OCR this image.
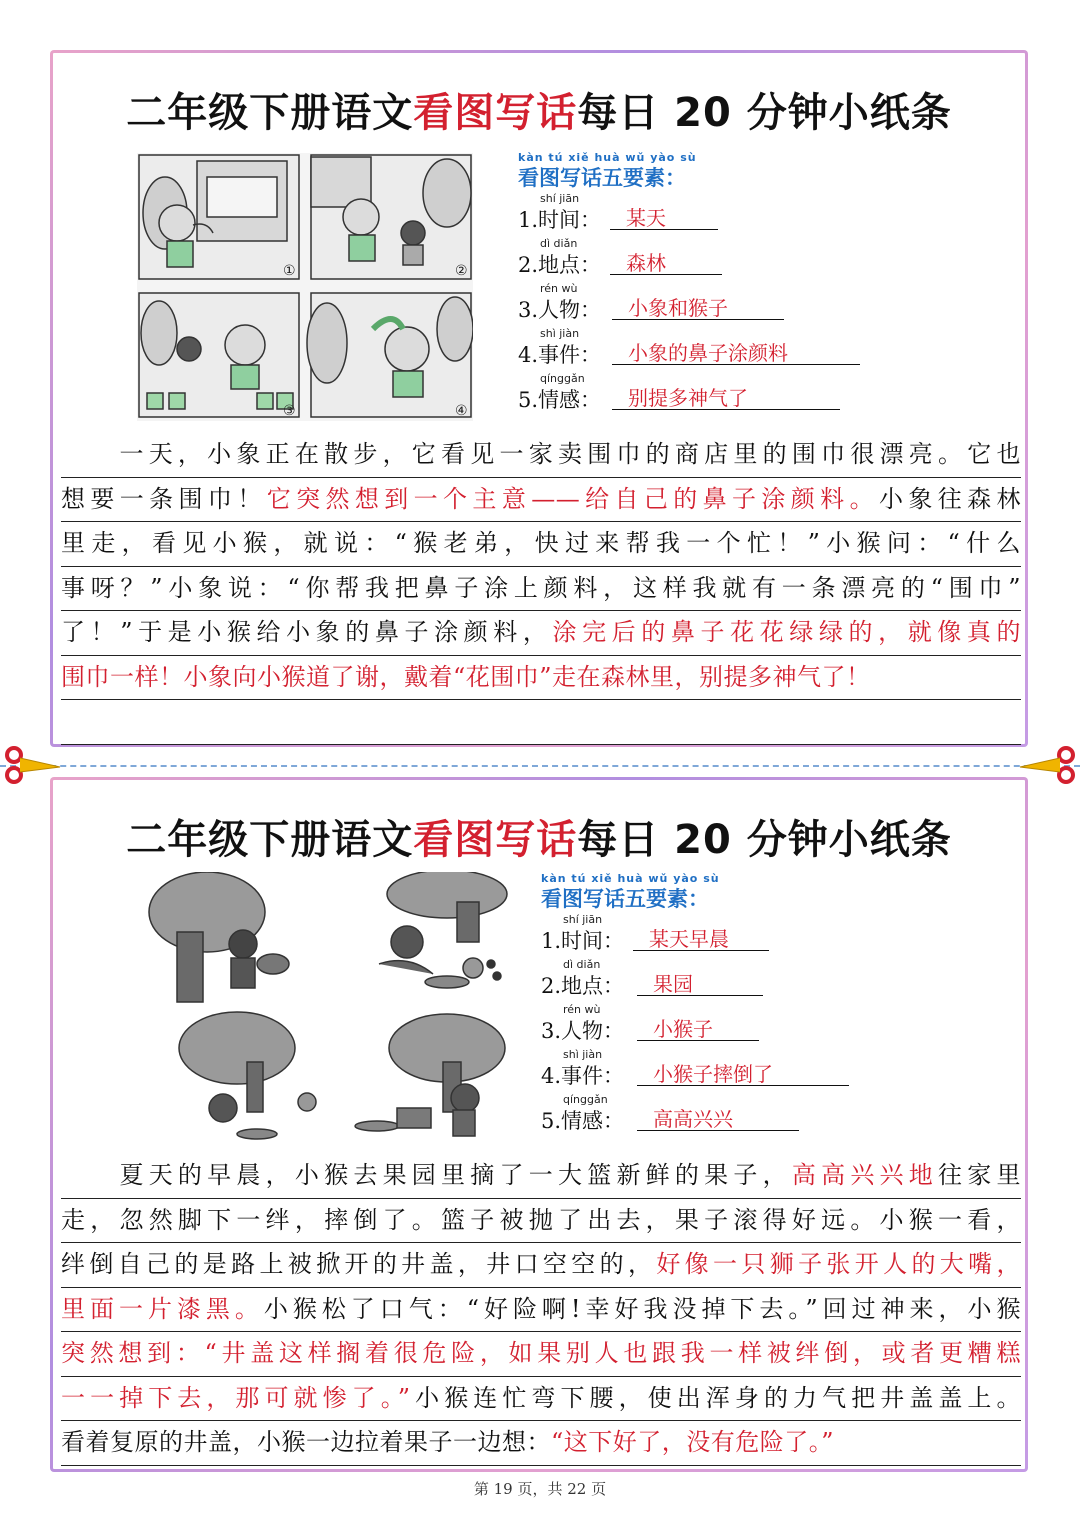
二年级下册语文看图写话每日 20 分钟小纸条
①	②
③	④
kàn tú xiě huà wǔ yào sù
看图写话五要素：
shí jiān
1.时间：	某天
dì diǎn
2.地点：	森林
rén wù
3.人物：	小象和猴子
shì jiàn
4.事件：	小象的鼻子涂颜料
qínggǎn
5.情感：	别提多神气了
　　一天，小象正在散步，它看见一家卖围巾的商店里的围巾很漂亮。它也
想要一条围巾！它突然想到一个主意——给自己的鼻子涂颜料。小象往森林
里走，看见小猴，就说：“猴老弟，快过来帮我一个忙！”小猴问：“什么
事呀？”小象说：“你帮我把鼻子涂上颜料，这样我就有一条漂亮的“围巾”
了！”于是小猴给小象的鼻子涂颜料，涂完后的鼻子花花绿绿的，就像真的
围巾一样！小象向小猴道了谢，戴着“花围巾”走在森林里，别提多神气了！
二年级下册语文看图写话每日 20 分钟小纸条
kàn tú xiě huà wǔ yào sù
看图写话五要素：
shí jiān
1.时间：	某天早晨
dì diǎn
2.地点：	果园
rén wù
3.人物：	小猴子
shì jiàn
4.事件：	小猴子摔倒了
qínggǎn
5.情感：	高高兴兴
　　夏天的早晨，小猴去果园里摘了一大篮新鲜的果子，高高兴兴地往家里
走，忽然脚下一绊，摔倒了。篮子被抛了出去，果子滚得好远。小猴一看，
绊倒自己的是路上被掀开的井盖，井口空空的，好像一只狮子张开人的大嘴，
里面一片漆黑。小猴松了口气：“好险啊!幸好我没掉下去。”回过神来，小猴
突然想到：“井盖这样搁着很危险，如果别人也跟我一样被绊倒，或者更糟糕
一一掉下去，那可就惨了。”小猴连忙弯下腰，使出浑身的力气把井盖盖上。
看着复原的井盖，小猴一边拉着果子一边想：“这下好了，没有危险了。”
第 19 页，共 22 页
